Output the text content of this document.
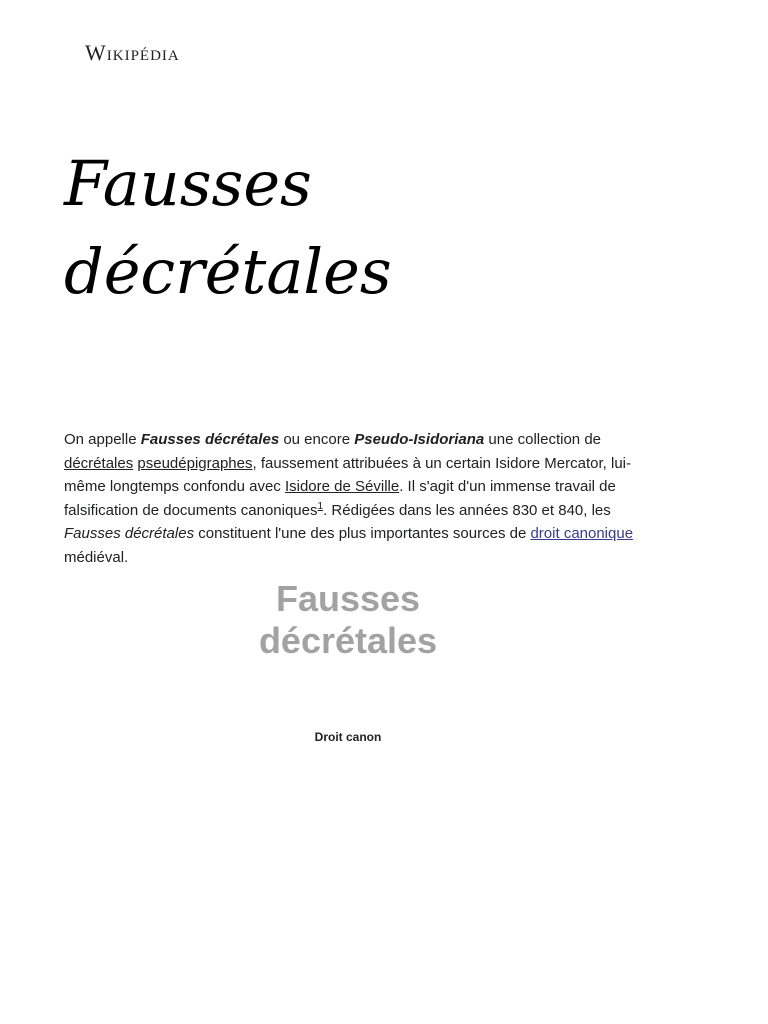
Wikipédia
Fausses
décrétales

On appelle Fausses décrétales ou encore Pseudo-Isidoriana une collection de décrétales pseudépigraphes, faussement attribuées à un certain Isidore Mercator, lui-même longtemps confondu avec Isidore de Séville. Il s'agit d'un immense travail de falsification de documents canoniques$^1$. Rédigées dans les années 830 et 840, les Fausses décrétales constituent l'une des plus importantes sources de droit canonique médiéval.

Fausses décrétales
Droit canon
